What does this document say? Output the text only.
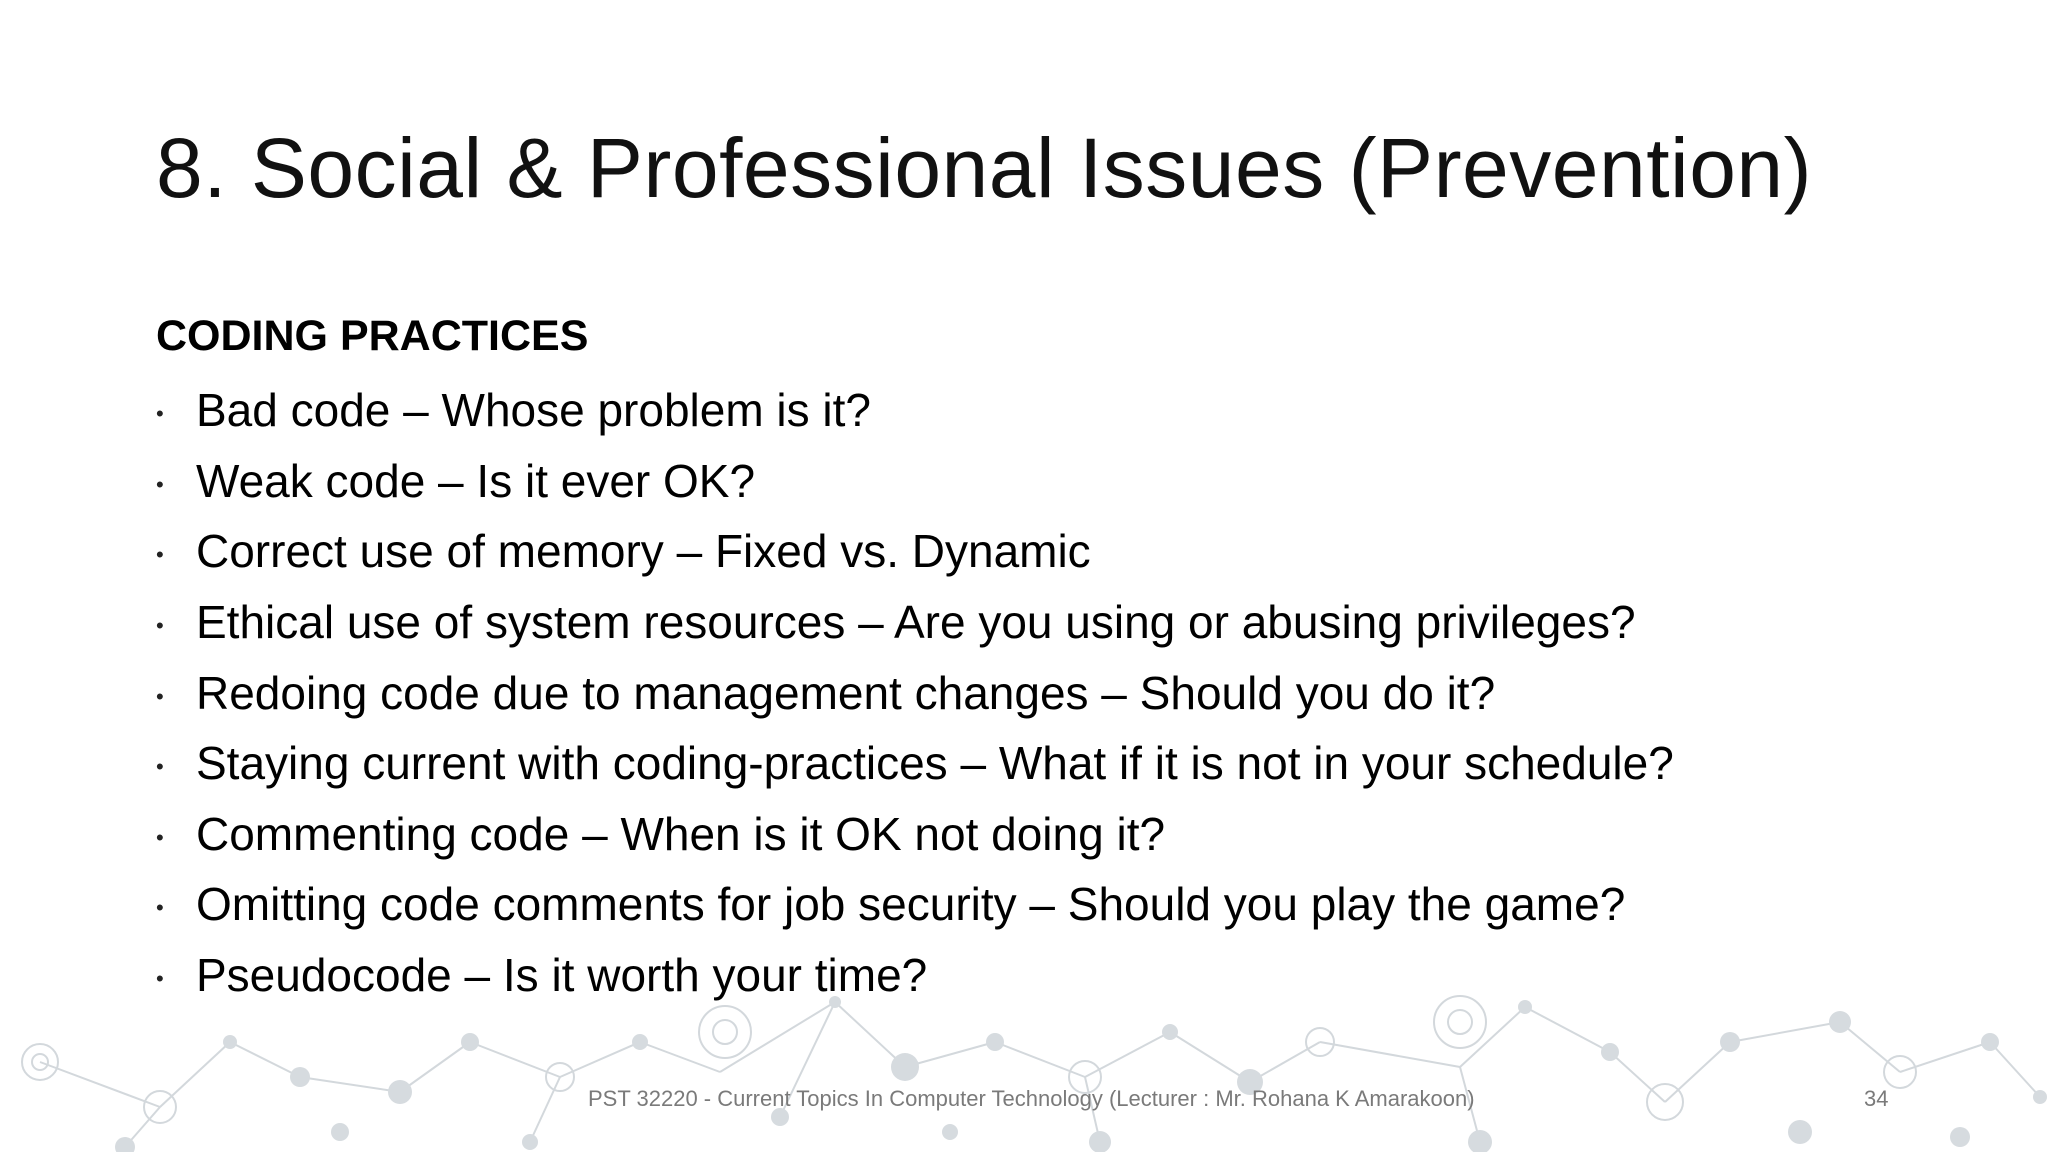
8. Social & Professional Issues (Prevention)
CODING PRACTICES
• Bad code – Whose problem is it?
• Weak code – Is it ever OK?
• Correct use of memory – Fixed vs. Dynamic
• Ethical use of system resources – Are you using or abusing privileges?
• Redoing code due to management changes – Should you do it?
• Staying current with coding-practices – What if it is not in your schedule?
• Commenting code – When is it OK not doing it?
• Omitting code comments for job security – Should you play the game?
• Pseudocode – Is it worth your time?
PST 32220 - Current Topics In Computer Technology (Lecturer : Mr. Rohana K Amarakoon)	34
